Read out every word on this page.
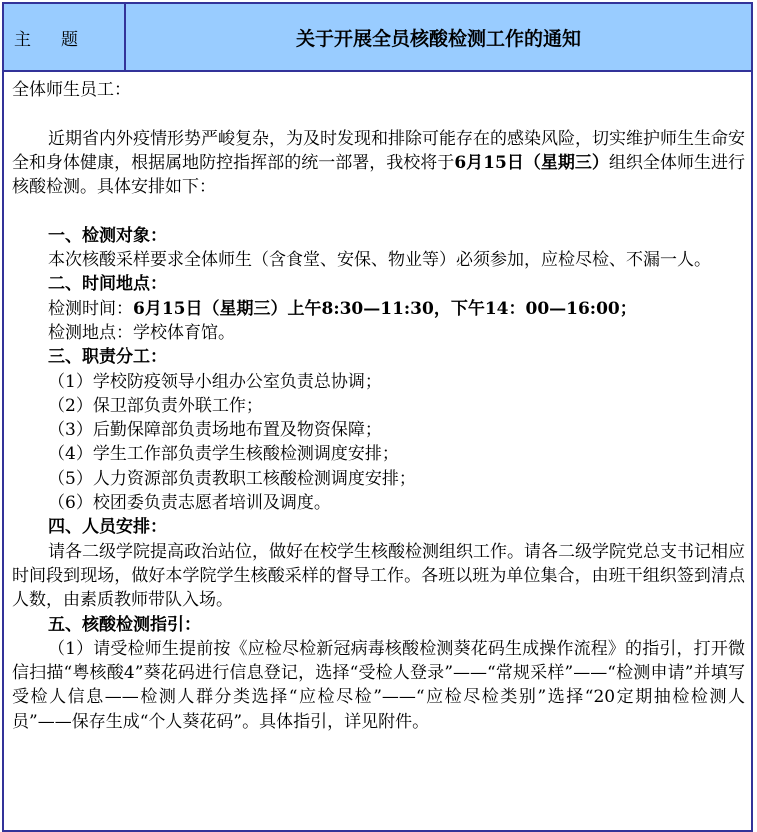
主 题	关于开展全员核酸检测工作的通知

全体师生员工：

近期省内外疫情形势严峻复杂，为及时发现和排除可能存在的感染风险，切实维护师生生命安全和身体健康，根据属地防控指挥部的统一部署，我校将于6月15日（星期三）组织全体师生进行核酸检测。具体安排如下：

一、检测对象：

本次核酸采样要求全体师生（含食堂、安保、物业等）必须参加，应检尽检、不漏一人。

二、时间地点：

检测时间：6月15日（星期三）上午8:30—11:30，下午14：00—16:00；

检测地点：学校体育馆。

三、职责分工：

（1）学校防疫领导小组办公室负责总协调；

（2）保卫部负责外联工作；

（3）后勤保障部负责场地布置及物资保障；

（4）学生工作部负责学生核酸检测调度安排；

（5）人力资源部负责教职工核酸检测调度安排；

（6）校团委负责志愿者培训及调度。

四、人员安排：

请各二级学院提高政治站位，做好在校学生核酸检测组织工作。请各二级学院党总支书记相应时间段到现场，做好本学院学生核酸采样的督导工作。各班以班为单位集合，由班干组织签到清点人数，由素质教师带队入场。

五、核酸检测指引：

（1）请受检师生提前按《应检尽检新冠病毒核酸检测葵花码生成操作流程》的指引，打开微信扫描“粤核酸4”葵花码进行信息登记，选择“受检人登录”——“常规采样”——“检测申请”并填写受检人信息——检测人群分类选择“应检尽检”——“应检尽检类别”选择“20定期抽检检测人员”——保存生成“个人葵花码”。具体指引，详见附件。
